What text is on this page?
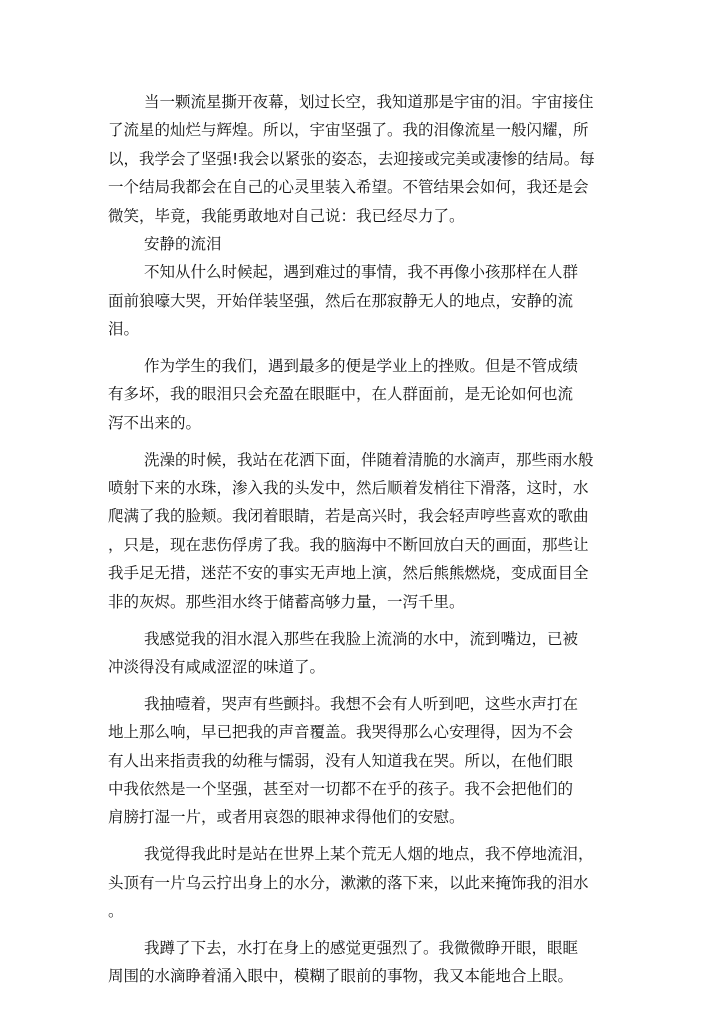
当一颗流星撕开夜幕，划过长空，我知道那是宇宙的泪。宇宙接住
了流星的灿烂与辉煌。所以，宇宙坚强了。我的泪像流星一般闪耀，所
以，我学会了坚强!我会以紧张的姿态，去迎接或完美或凄惨的结局。每
一个结局我都会在自己的心灵里装入希望。不管结果会如何，我还是会
微笑，毕竟，我能勇敢地对自己说：我已经尽力了。
安静的流泪
不知从什么时候起，遇到难过的事情，我不再像小孩那样在人群
面前狼嚎大哭，开始佯装坚强，然后在那寂静无人的地点，安静的流
泪。
作为学生的我们，遇到最多的便是学业上的挫败。但是不管成绩
有多坏，我的眼泪只会充盈在眼眶中，在人群面前，是无论如何也流
泻不出来的。
洗澡的时候，我站在花洒下面，伴随着清脆的水滴声，那些雨水般
喷射下来的水珠，渗入我的头发中，然后顺着发梢往下滑落，这时，水
爬满了我的脸颊。我闭着眼睛，若是高兴时，我会轻声哼些喜欢的歌曲
，只是，现在悲伤俘虏了我。我的脑海中不断回放白天的画面，那些让
我手足无措，迷茫不安的事实无声地上演，然后熊熊燃烧，变成面目全
非的灰烬。那些泪水终于储蓄高够力量，一泻千里。
我感觉我的泪水混入那些在我脸上流淌的水中，流到嘴边，已被
冲淡得没有咸咸涩涩的味道了。
我抽噎着，哭声有些颤抖。我想不会有人听到吧，这些水声打在
地上那么响，早已把我的声音覆盖。我哭得那么心安理得，因为不会
有人出来指责我的幼稚与懦弱，没有人知道我在哭。所以，在他们眼
中我依然是一个坚强，甚至对一切都不在乎的孩子。我不会把他们的
肩膀打湿一片，或者用哀怨的眼神求得他们的安慰。
我觉得我此时是站在世界上某个荒无人烟的地点，我不停地流泪，
头顶有一片乌云拧出身上的水分，漱漱的落下来，以此来掩饰我的泪水
。
我蹲了下去，水打在身上的感觉更强烈了。我微微睁开眼，眼眶
周围的水滴睁着涌入眼中，模糊了眼前的事物，我又本能地合上眼。
